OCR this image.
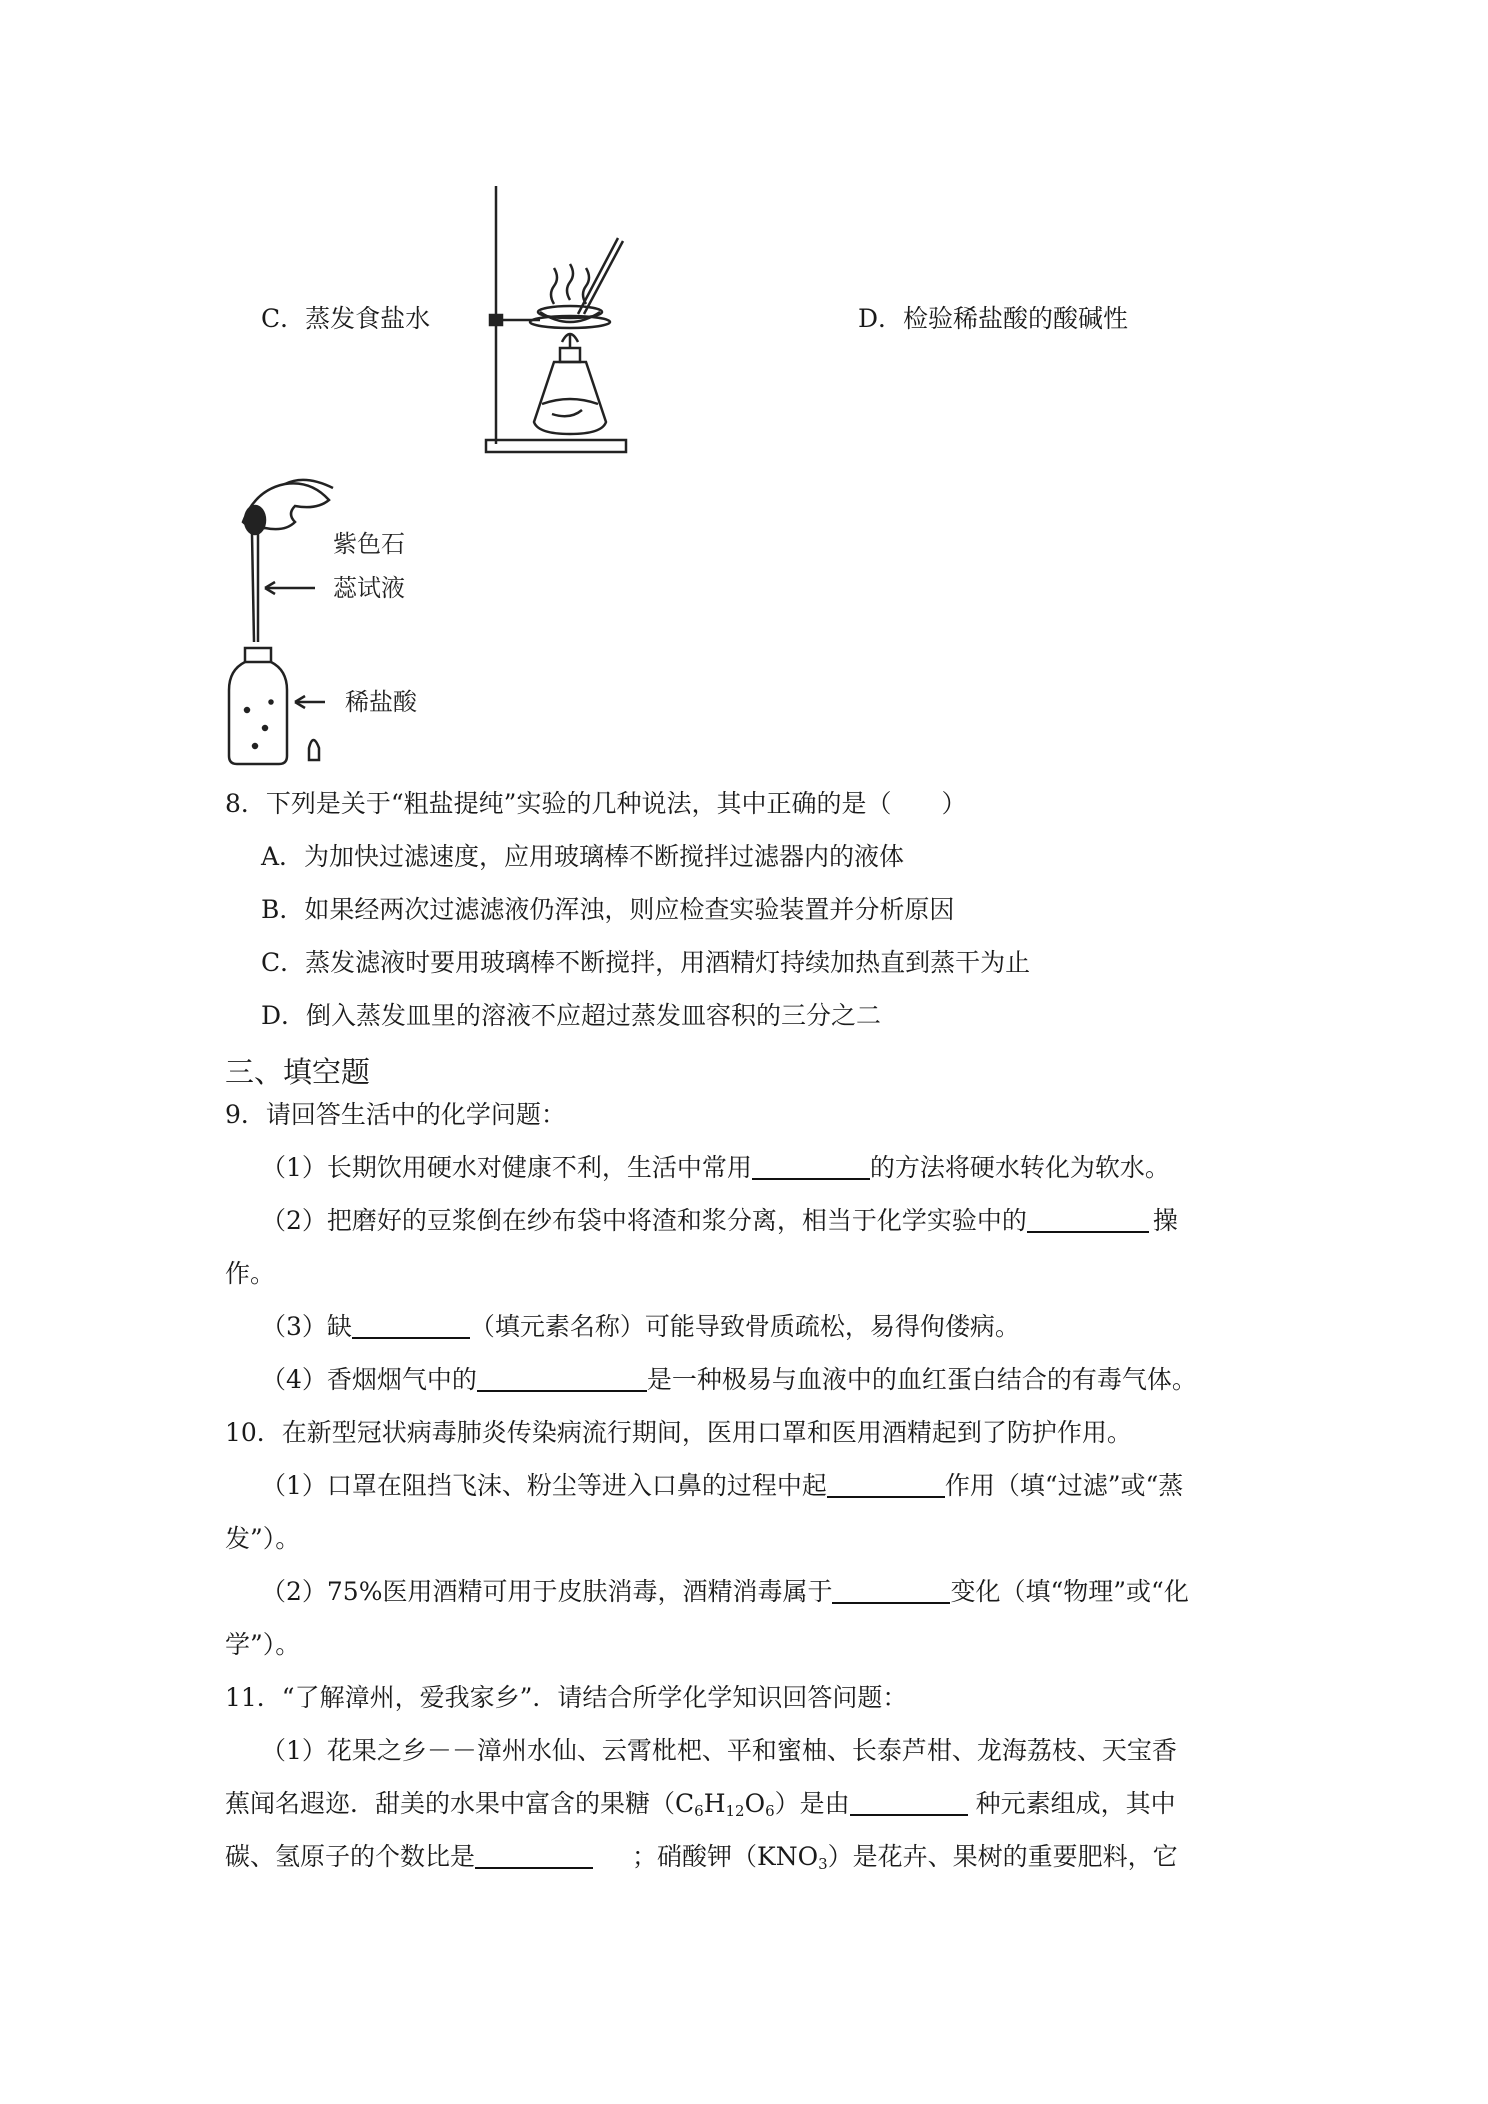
C．蒸发食盐水	D．检验稀盐酸的酸碱性
紫色石
蕊试液
稀盐酸
8．下列是关于“粗盐提纯”实验的几种说法，其中正确的是（　　）
A．为加快过滤速度，应用玻璃棒不断搅拌过滤器内的液体
B．如果经两次过滤滤液仍浑浊，则应检查实验装置并分析原因
C．蒸发滤液时要用玻璃棒不断搅拌，用酒精灯持续加热直到蒸干为止
D．倒入蒸发皿里的溶液不应超过蒸发皿容积的三分之二
三、填空题
9．请回答生活中的化学问题：
（1）长期饮用硬水对健康不利，生活中常用	的方法将硬水转化为软水。
（2）把磨好的豆浆倒在纱布袋中将渣和浆分离，相当于化学实验中的	操
作。
（3）缺	（填元素名称）可能导致骨质疏松，易得佝偻病。
（4）香烟烟气中的	是一种极易与血液中的血红蛋白结合的有毒气体。
10．在新型冠状病毒肺炎传染病流行期间，医用口罩和医用酒精起到了防护作用。
（1）口罩在阻挡飞沫、粉尘等进入口鼻的过程中起	作用（填“过滤”或“蒸
发”）。
（2）75%医用酒精可用于皮肤消毒，酒精消毒属于	变化（填“物理”或“化
学”）。
11．“了解漳州，爱我家乡”．请结合所学化学知识回答问题：
（1）花果之乡－－漳州水仙、云霄枇杷、平和蜜柚、长泰芦柑、龙海荔枝、天宝香
蕉闻名遐迩．甜美的水果中富含的果糖$(C_6H_{12}O_6)$是由	种元素组成，其中
碳、氢原子的个数比是	　；硝酸钾$(KNO_3)$是花卉、果树的重要肥料，它
